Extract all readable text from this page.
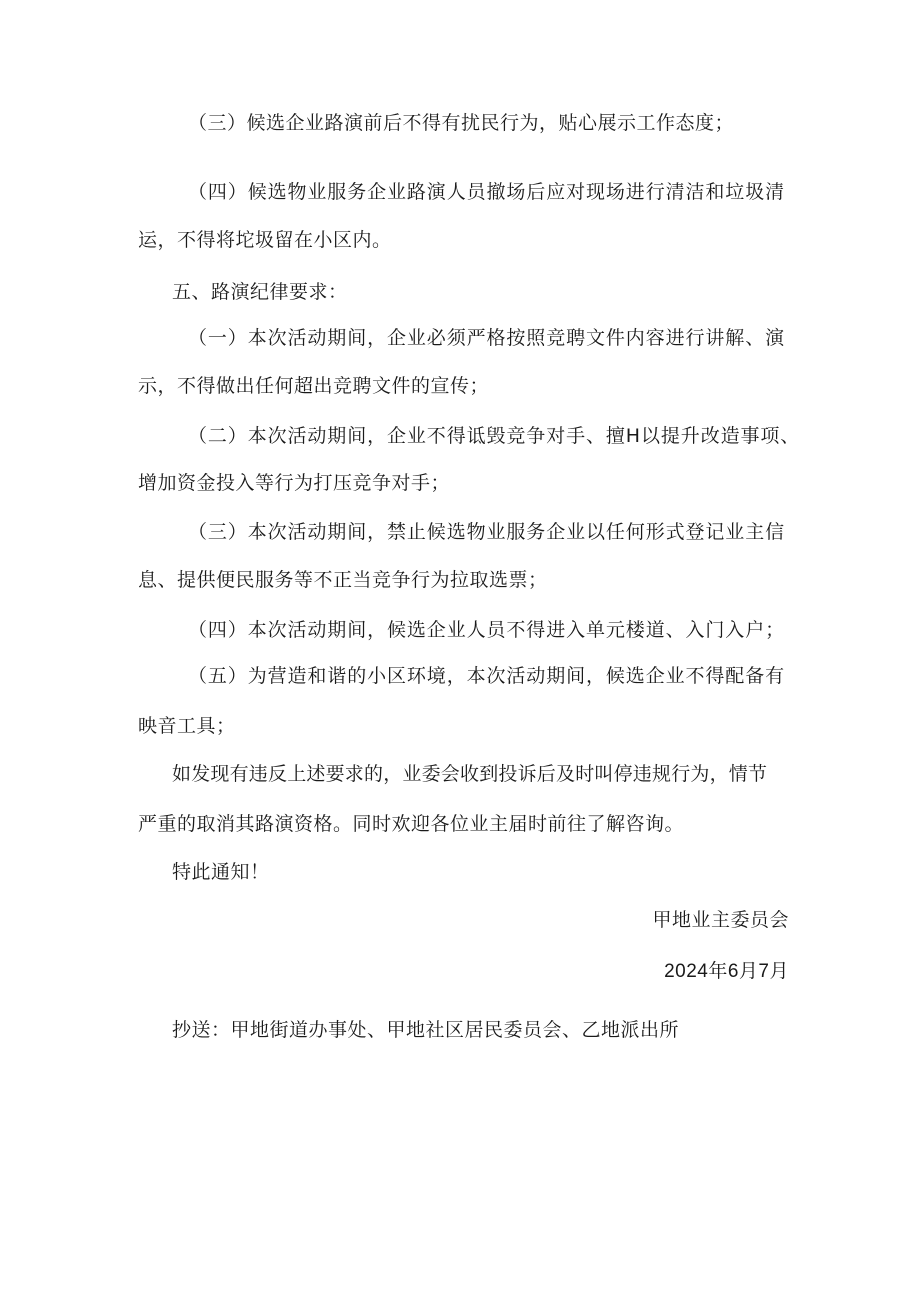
（三）候选企业路演前后不得有扰民行为，贴心展示工作态度；
（四）候选物业服务企业路演人员撤场后应对现场进行清洁和垃圾清
运，不得将坨圾留在小区内。
五、路演纪律要求：
（一）本次活动期间，企业必须严格按照竞聘文件内容进行讲解、演
示，不得做出任何超出竞聘文件的宣传；
（二）本次活动期间，企业不得诋毁竞争对手、擅H以提升改造事项、
增加资金投入等行为打压竞争对手；
（三）本次活动期间，禁止候选物业服务企业以任何形式登记业主信
息、提供便民服务等不正当竞争行为拉取选票；
（四）本次活动期间，候选企业人员不得进入单元楼道、入门入户；
（五）为营造和谐的小区环境，本次活动期间，候选企业不得配备有
映音工具；
如发现有违反上述要求的，业委会收到投诉后及时叫停违规行为，情节
严重的取消其路演资格。同时欢迎各位业主届时前往了解咨询。
特此通知！
甲地业主委员会
2024年6月7月
抄送：甲地街道办事处、甲地社区居民委员会、乙地派出所
